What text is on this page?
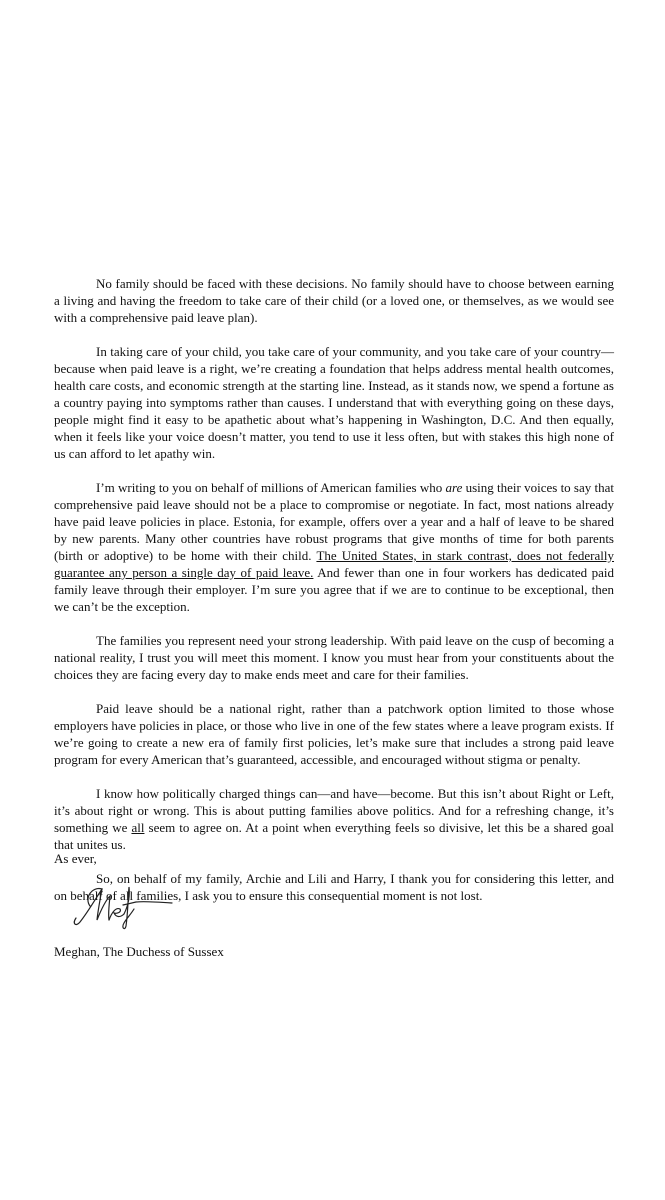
No family should be faced with these decisions. No family should have to choose between earning a living and having the freedom to take care of their child (or a loved one, or themselves, as we would see with a comprehensive paid leave plan).

In taking care of your child, you take care of your community, and you take care of your country—because when paid leave is a right, we’re creating a foundation that helps address mental health outcomes, health care costs, and economic strength at the starting line. Instead, as it stands now, we spend a fortune as a country paying into symptoms rather than causes. I understand that with everything going on these days, people might find it easy to be apathetic about what’s happening in Washington, D.C. And then equally, when it feels like your voice doesn’t matter, you tend to use it less often, but with stakes this high none of us can afford to let apathy win.

I’m writing to you on behalf of millions of American families who are using their voices to say that comprehensive paid leave should not be a place to compromise or negotiate. In fact, most nations already have paid leave policies in place. Estonia, for example, offers over a year and a half of leave to be shared by new parents. Many other countries have robust programs that give months of time for both parents (birth or adoptive) to be home with their child. The United States, in stark contrast, does not federally guarantee any person a single day of paid leave. And fewer than one in four workers has dedicated paid family leave through their employer. I’m sure you agree that if we are to continue to be exceptional, then we can’t be the exception.

The families you represent need your strong leadership. With paid leave on the cusp of becoming a national reality, I trust you will meet this moment. I know you must hear from your constituents about the choices they are facing every day to make ends meet and care for their families.

Paid leave should be a national right, rather than a patchwork option limited to those whose employers have policies in place, or those who live in one of the few states where a leave program exists. If we’re going to create a new era of family first policies, let’s make sure that includes a strong paid leave program for every American that’s guaranteed, accessible, and encouraged without stigma or penalty.

I know how politically charged things can—and have—become. But this isn’t about Right or Left, it’s about right or wrong. This is about putting families above politics. And for a refreshing change, it’s something we all seem to agree on. At a point when everything feels so divisive, let this be a shared goal that unites us.

So, on behalf of my family, Archie and Lili and Harry, I thank you for considering this letter, and on behalf of all families, I ask you to ensure this consequential moment is not lost.

As ever,

Meghan, The Duchess of Sussex
